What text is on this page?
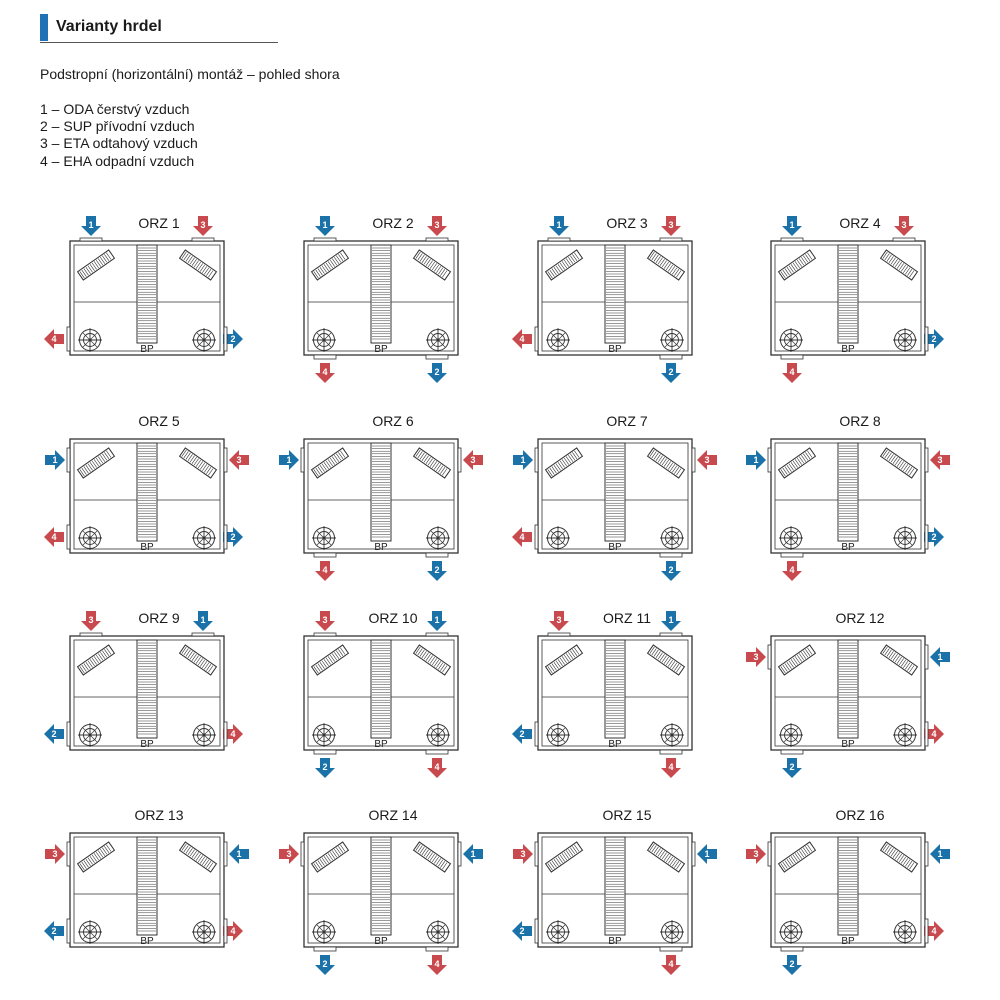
Varianty hrdel
Podstropní (horizontální) montáž – pohled shora
1 – ODA čerstvý vzduch
2 – SUP přívodní vzduch
3 – ETA odtahový vzduch
4 – EHA odpadní vzduch
ORZ 1
BP
1	3
4	2
ORZ 2
BP
1	3
4	2
ORZ 3
BP
1	3
4
2
ORZ 4
BP
1	3
4
2
ORZ 5
BP
1	3
4	2
ORZ 6
BP
1	3
4	2
ORZ 7
BP
1	3
4
2
ORZ 8
BP
1	3
4
2
ORZ 9
BP
3	1
2	4
ORZ 10
BP
3	1
2	4
ORZ 11
BP
3	1
2
4
ORZ 12
BP
3	1
2
4
ORZ 13
BP
3	1
2	4
ORZ 14
BP
3	1
2	4
ORZ 15
BP
3	1
2
4
ORZ 16
BP
3	1
2
4
